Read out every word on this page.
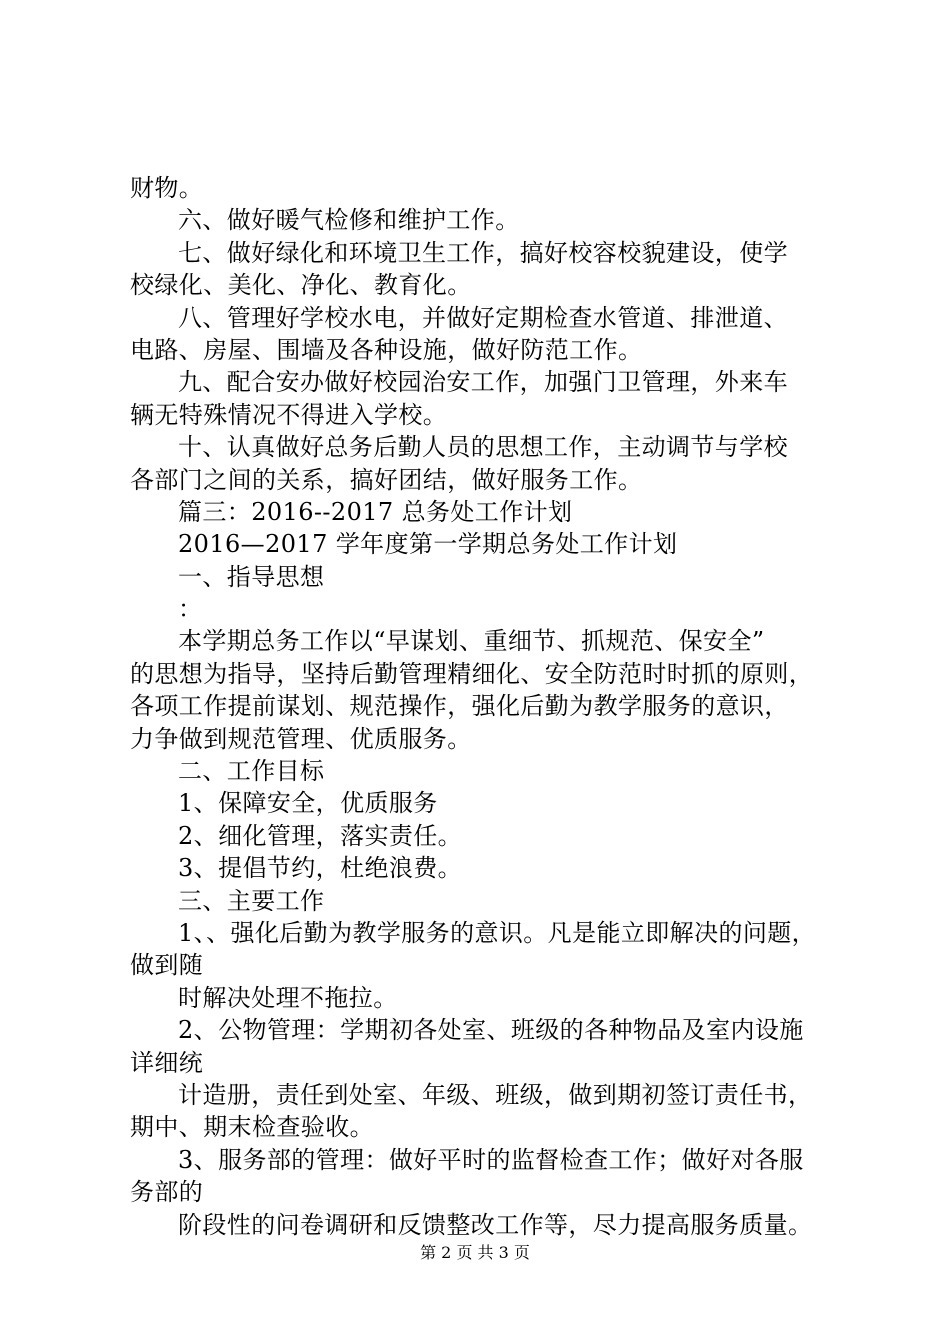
财物。
六、做好暖气检修和维护工作。
七、做好绿化和环境卫生工作，搞好校容校貌建设，使学
校绿化、美化、净化、教育化。
八、管理好学校水电，并做好定期检查水管道、排泄道、
电路、房屋、围墙及各种设施，做好防范工作。
九、配合安办做好校园治安工作，加强门卫管理，外来车
辆无特殊情况不得进入学校。
十、认真做好总务后勤人员的思想工作，主动调节与学校
各部门之间的关系，搞好团结，做好服务工作。
篇三：2016--2017 总务处工作计划
2016—2017 学年度第一学期总务处工作计划
一、指导思想
：
本学期总务工作以“早谋划、重细节、抓规范、保安全”
的思想为指导，坚持后勤管理精细化、安全防范时时抓的原则，
各项工作提前谋划、规范操作，强化后勤为教学服务的意识，
力争做到规范管理、优质服务。
二、工作目标
1、保障安全，优质服务
2、细化管理，落实责任。
3、提倡节约，杜绝浪费。
三、主要工作
1、、强化后勤为教学服务的意识。凡是能立即解决的问题，
做到随
时解决处理不拖拉。
2、公物管理：学期初各处室、班级的各种物品及室内设施
详细统
计造册，责任到处室、年级、班级，做到期初签订责任书，
期中、期末检查验收。
3、服务部的管理：做好平时的监督检查工作；做好对各服
务部的
阶段性的问卷调研和反馈整改工作等，尽力提高服务质量。
第 2 页 共 3 页
